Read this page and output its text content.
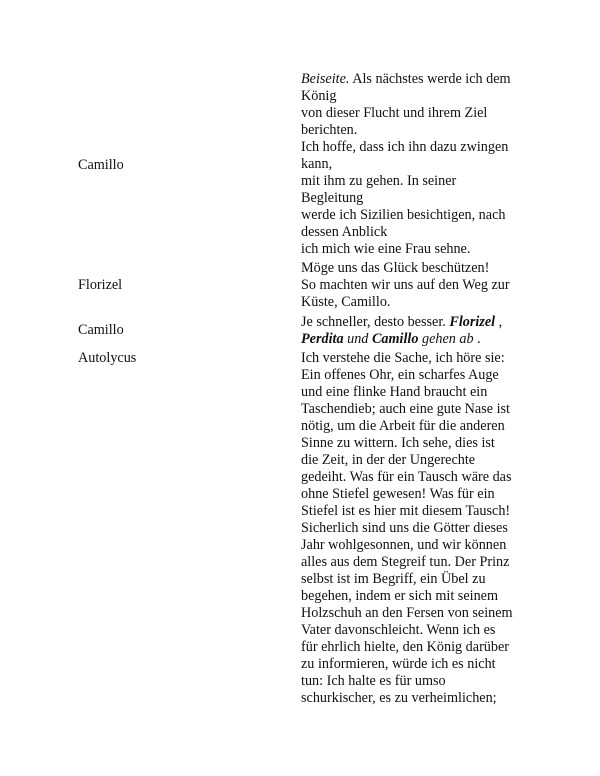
Camillo
Beiseite. Als nächstes werde ich dem
König
von dieser Flucht und ihrem Ziel
berichten.
Ich hoffe, dass ich ihn dazu zwingen
kann,
mit ihm zu gehen. In seiner
Begleitung
werde ich Sizilien besichtigen, nach
dessen Anblick
ich mich wie eine Frau sehne.
Florizel
Möge uns das Glück beschützen!
So machten wir uns auf den Weg zur
Küste, Camillo.
Camillo	Je schneller, desto besser. Florizel ,
Perdita und Camillo gehen ab .
Autolycus	Ich verstehe die Sache, ich höre sie:
Ein offenes Ohr, ein scharfes Auge
und eine flinke Hand braucht ein
Taschendieb; auch eine gute Nase ist
nötig, um die Arbeit für die anderen
Sinne zu wittern. Ich sehe, dies ist
die Zeit, in der der Ungerechte
gedeiht. Was für ein Tausch wäre das
ohne Stiefel gewesen! Was für ein
Stiefel ist es hier mit diesem Tausch!
Sicherlich sind uns die Götter dieses
Jahr wohlgesonnen, und wir können
alles aus dem Stegreif tun. Der Prinz
selbst ist im Begriff, ein Übel zu
begehen, indem er sich mit seinem
Holzschuh an den Fersen von seinem
Vater davonschleicht. Wenn ich es
für ehrlich hielte, den König darüber
zu informieren, würde ich es nicht
tun: Ich halte es für umso
schurkischer, es zu verheimlichen;
